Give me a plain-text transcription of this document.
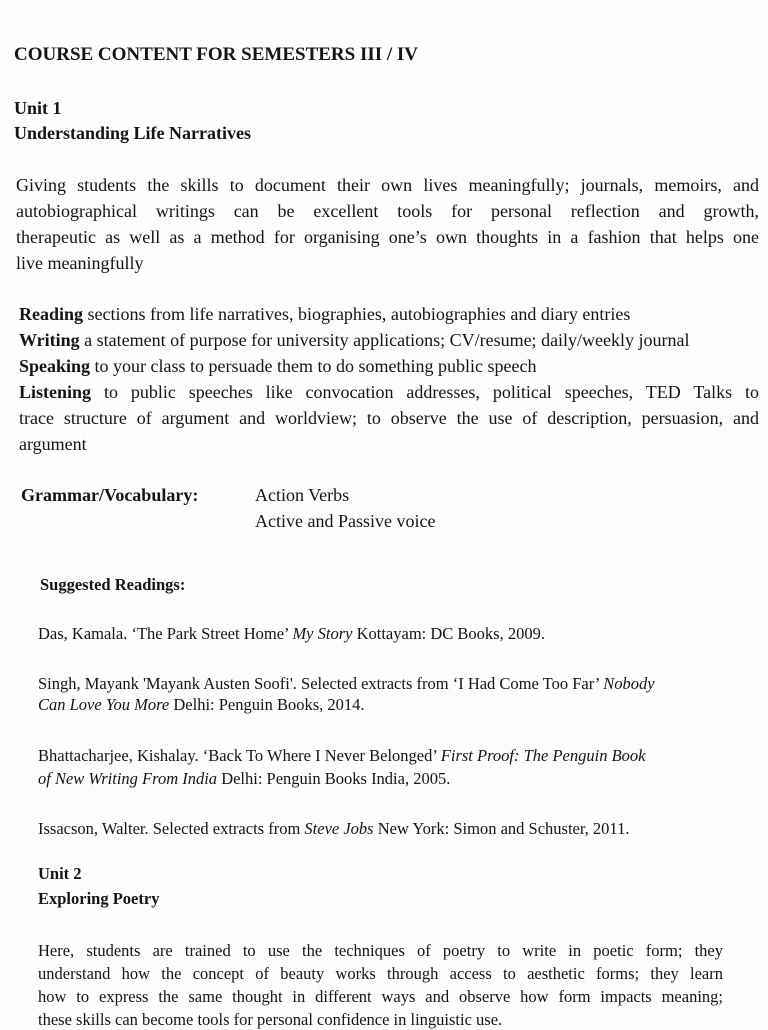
COURSE CONTENT FOR SEMESTERS III / IV
Unit 1
Understanding Life Narratives
Giving students the skills to document their own lives meaningfully; journals, memoirs, and
autobiographical writings can be excellent tools for personal reflection and growth,
therapeutic as well as a method for organising one’s own thoughts in a fashion that helps one
live meaningfully
Reading sections from life narratives, biographies, autobiographies and diary entries
Writing a statement of purpose for university applications; CV/resume; daily/weekly journal
Speaking to your class to persuade them to do something public speech
Listening to public speeches like convocation addresses, political speeches, TED Talks to
trace structure of argument and worldview; to observe the use of description, persuasion, and
argument
Grammar/Vocabulary:	Action Verbs
Active and Passive voice
Suggested Readings:
Das, Kamala. ‘The Park Street Home’ My Story Kottayam: DC Books, 2009.
Singh, Mayank 'Mayank Austen Soofi'. Selected extracts from ‘I Had Come Too Far’ Nobody
Can Love You More Delhi: Penguin Books, 2014.
Bhattacharjee, Kishalay. ‘Back To Where I Never Belonged’ First Proof: The Penguin Book
of New Writing From India Delhi: Penguin Books India, 2005.
Issacson, Walter. Selected extracts from Steve Jobs New York: Simon and Schuster, 2011.
Unit 2
Exploring Poetry
Here, students are trained to use the techniques of poetry to write in poetic form; they
understand how the concept of beauty works through access to aesthetic forms; they learn
how to express the same thought in different ways and observe how form impacts meaning;
these skills can become tools for personal confidence in linguistic use.
